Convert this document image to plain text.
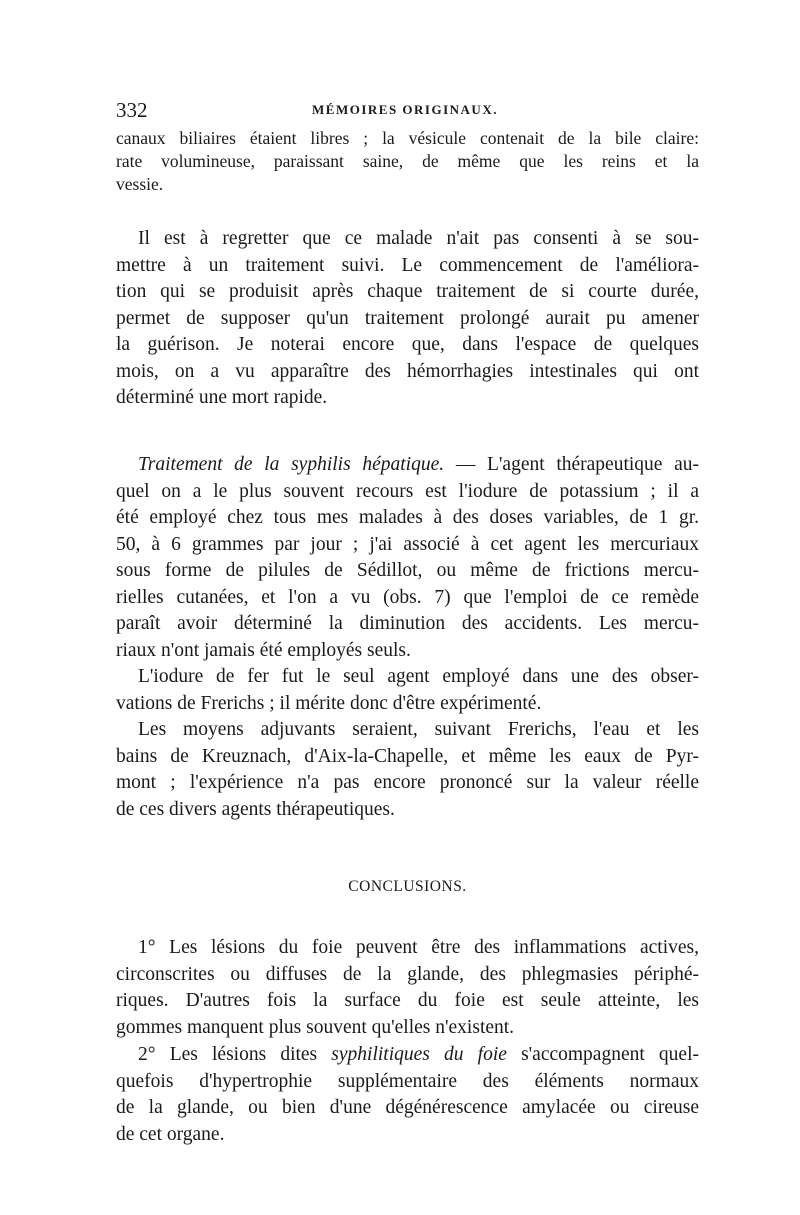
332	MÉMOIRES ORIGINAUX.
canaux biliaires étaient libres ; la vésicule contenait de la bile claire:
rate volumineuse, paraissant saine, de même que les reins et la
vessie.
Il est à regretter que ce malade n'ait pas consenti à se sou-
mettre à un traitement suivi. Le commencement de l'améliora-
tion qui se produisit après chaque traitement de si courte durée,
permet de supposer qu'un traitement prolongé aurait pu amener
la guérison. Je noterai encore que, dans l'espace de quelques
mois, on a vu apparaître des hémorrhagies intestinales qui ont
déterminé une mort rapide.
Traitement de la syphilis hépatique. — L'agent thérapeutique au-
quel on a le plus souvent recours est l'iodure de potassium ; il a
été employé chez tous mes malades à des doses variables, de 1 gr.
50, à 6 grammes par jour ; j'ai associé à cet agent les mercuriaux
sous forme de pilules de Sédillot, ou même de frictions mercu-
rielles cutanées, et l'on a vu (obs. 7) que l'emploi de ce remède
paraît avoir déterminé la diminution des accidents. Les mercu-
riaux n'ont jamais été employés seuls.
L'iodure de fer fut le seul agent employé dans une des obser-
vations de Frerichs ; il mérite donc d'être expérimenté.
Les moyens adjuvants seraient, suivant Frerichs, l'eau et les
bains de Kreuznach, d'Aix-la-Chapelle, et même les eaux de Pyr-
mont ; l'expérience n'a pas encore prononcé sur la valeur réelle
de ces divers agents thérapeutiques.
CONCLUSIONS.
1° Les lésions du foie peuvent être des inflammations actives,
circonscrites ou diffuses de la glande, des phlegmasies périphé-
riques. D'autres fois la surface du foie est seule atteinte, les
gommes manquent plus souvent qu'elles n'existent.
2° Les lésions dites syphilitiques du foie s'accompagnent quel-
quefois d'hypertrophie supplémentaire des éléments normaux
de la glande, ou bien d'une dégénérescence amylacée ou cireuse
de cet organe.
